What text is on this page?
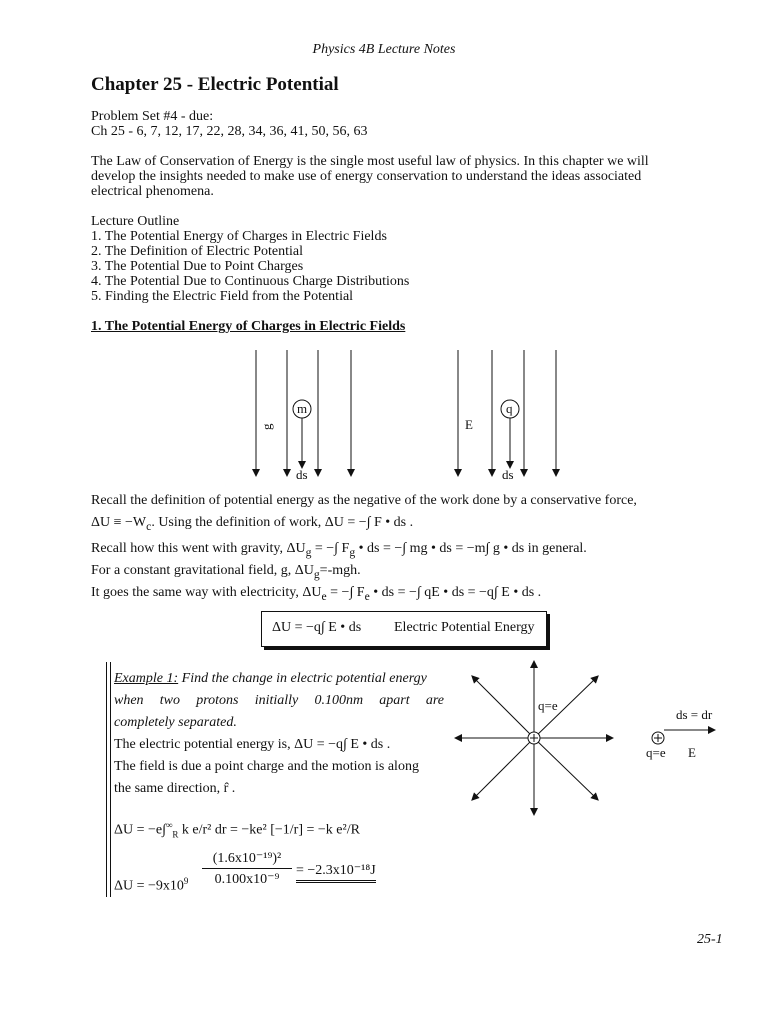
Physics 4B Lecture Notes
Chapter 25 - Electric Potential
Problem Set #4 - due:
Ch 25 - 6, 7, 12, 17, 22, 28, 34, 36, 41, 50, 56, 63
The Law of Conservation of Energy is the single most useful law of physics. In this chapter we will
develop the insights needed to make use of energy conservation to understand the ideas associated
electrical phenomena.
Lecture Outline
1. The Potential Energy of Charges in Electric Fields
2. The Definition of Electric Potential
3. The Potential Due to Point Charges
4. The Potential Due to Continuous Charge Distributions
5. Finding the Electric Field from the Potential
1. The Potential Energy of Charges in Electric Fields
m
ds
g
q
ds
E
Recall the definition of potential energy as the negative of the work done by a conservative force,
$\Delta U \equiv -W_c$. Using the definition of work, ΔU = −∫ F • ds .
Recall how this went with gravity, $\Delta U_g$ = −∫ $F_g$ • ds = −∫ mg • ds = −m∫ g • ds in general.
For a constant gravitational field, g, $\Delta U_g=$-mgh.
It goes the same way with electricity, $\Delta U_e$ = −∫ $F_e$ • ds = −∫ qE • ds = −q∫ E • ds .
ΔU = −q∫ E • ds Electric Potential Energy
Example 1: Find the change in electric potential energy
when two protons initially 0.100nm apart are
completely separated.
The electric potential energy is, ΔU = −q∫ E • ds .
The field is due a point charge and the motion is along
the same direction, r̂ .
$\Delta U = -e\int^\infty_R$ k e/r² dr = −ke² [−1/r] = −k e²/R
$\Delta U = -9x10^9$
(1.6x10⁻¹⁹)²
0.100x10⁻⁹
= −2.3x10⁻¹⁸J
q=e
q=e
ds = dr
E
25-1
